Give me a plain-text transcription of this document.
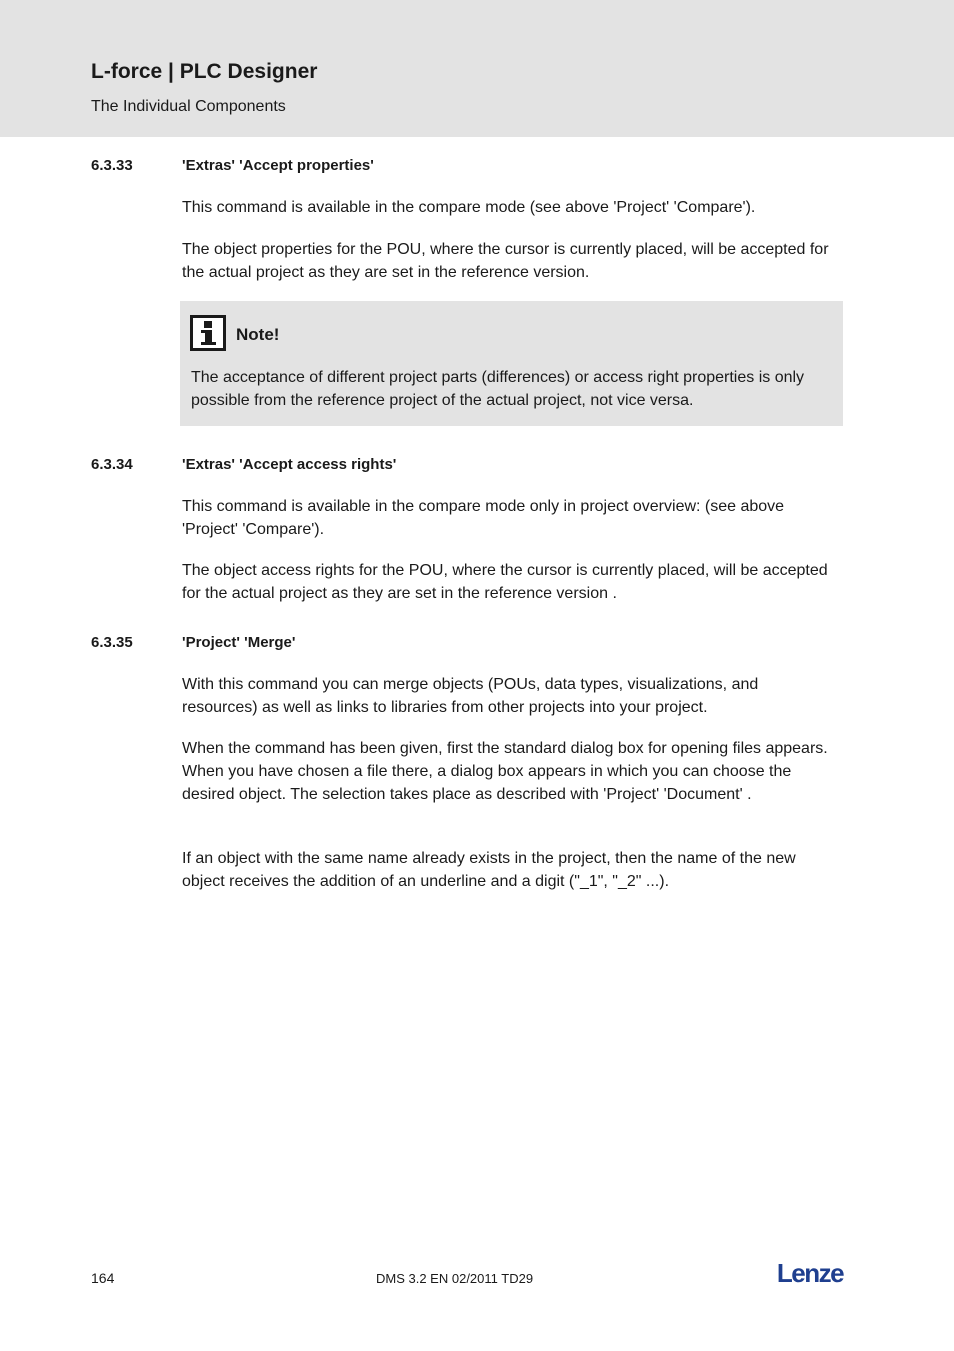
L-force | PLC Designer
The Individual Components
6.3.33	'Extras' 'Accept properties'

This command is available in the compare mode (see above 'Project' 'Compare').

The object properties for the POU, where the cursor is currently placed, will be accepted for the actual project as they are set in the reference version.

Note!

The acceptance of different project parts (differences) or access right properties is only possible from the reference project of the actual project, not vice versa.

6.3.34	'Extras' 'Accept access rights'

This command is available in the compare mode only in project overview: (see above 'Project' 'Compare').

The object access rights for the POU, where the cursor is currently placed, will be accepted for the actual project as they are set in the reference version .

6.3.35	'Project' 'Merge'

With this command you can merge objects (POUs, data types, visualizations, and resources) as well as links to libraries from other projects into your project.

When the command has been given, first the standard dialog box for opening files appears. When you have chosen a file there, a dialog box appears in which you can choose the desired object. The selection takes place as described with 'Project' 'Document' .

If an object with the same name already exists in the project, then the name of the new object receives the addition of an underline and a digit ("_1", "_2" ...).

164	DMS 3.2 EN 02/2011 TD29	Lenze
